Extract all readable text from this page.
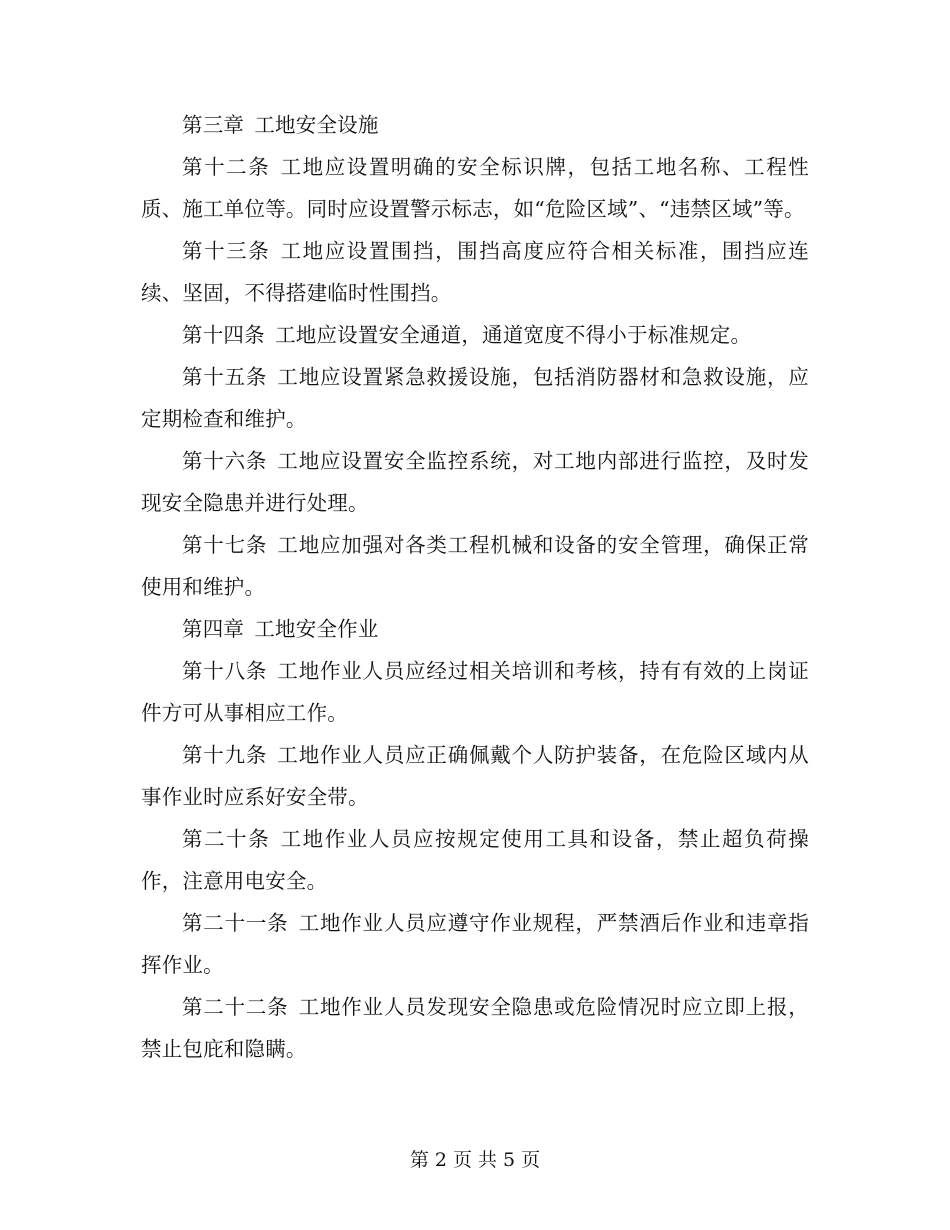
第三章 工地安全设施

第十二条 工地应设置明确的安全标识牌，包括工地名称、工程性质、施工单位等。同时应设置警示标志，如“危险区域”、“违禁区域”等。

第十三条 工地应设置围挡，围挡高度应符合相关标准，围挡应连续、坚固，不得搭建临时性围挡。

第十四条 工地应设置安全通道，通道宽度不得小于标准规定。

第十五条 工地应设置紧急救援设施，包括消防器材和急救设施，应定期检查和维护。

第十六条 工地应设置安全监控系统，对工地内部进行监控，及时发现安全隐患并进行处理。

第十七条 工地应加强对各类工程机械和设备的安全管理，确保正常使用和维护。

第四章 工地安全作业

第十八条 工地作业人员应经过相关培训和考核，持有有效的上岗证件方可从事相应工作。

第十九条 工地作业人员应正确佩戴个人防护装备，在危险区域内从事作业时应系好安全带。

第二十条 工地作业人员应按规定使用工具和设备，禁止超负荷操作，注意用电安全。

第二十一条 工地作业人员应遵守作业规程，严禁酒后作业和违章指挥作业。

第二十二条 工地作业人员发现安全隐患或危险情况时应立即上报，禁止包庇和隐瞒。

第 2 页 共 5 页
